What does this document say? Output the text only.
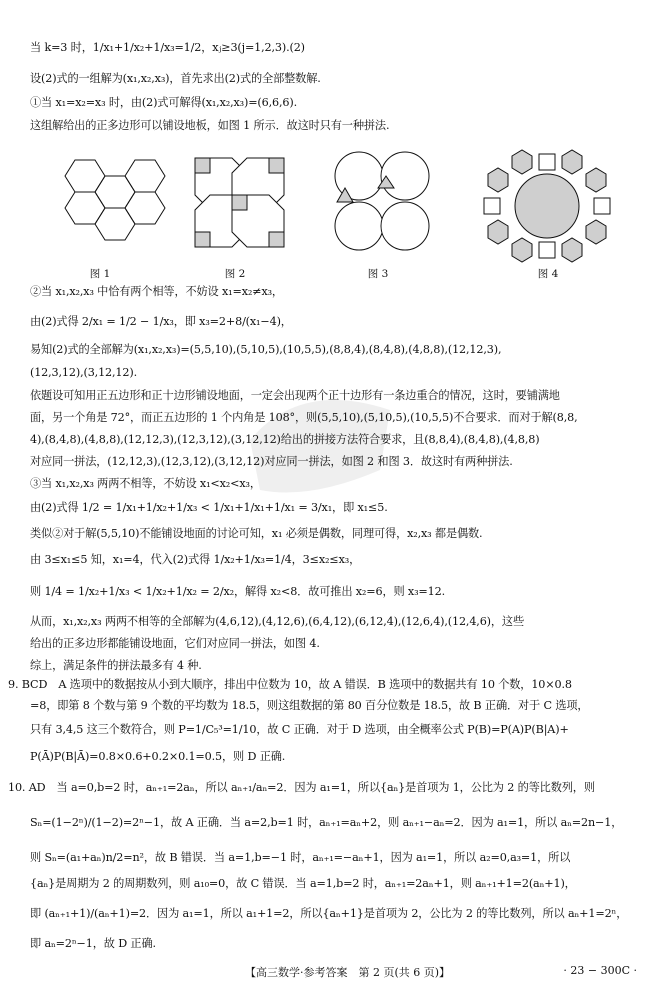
当 k=3 时，1/x₁+1/x₂+1/x₃=1/2，xⱼ≥3(j=1,2,3).(2)
设(2)式的一组解为(x₁,x₂,x₃)，首先求出(2)式的全部整数解.
①当 x₁=x₂=x₃ 时，由(2)式可解得(x₁,x₂,x₃)=(6,6,6).
这组解给出的正多边形可以铺设地板，如图 1 所示．故这时只有一种拼法.
图 1	图 2	图 3	图 4
②当 x₁,x₂,x₃ 中恰有两个相等，不妨设 x₁=x₂≠x₃，
由(2)式得 2/x₁ = 1/2 − 1/x₃，即 x₃=2+8/(x₁−4)，
易知(2)式的全部解为(x₁,x₂,x₃)=(5,5,10),(5,10,5),(10,5,5),(8,8,4),(8,4,8),(4,8,8),(12,12,3),
(12,3,12),(3,12,12).
依题设可知用正五边形和正十边形铺设地面，一定会出现两个正十边形有一条边重合的情况，这时，要铺满地
面，另一个角是 72°，而正五边形的 1 个内角是 108°，则(5,5,10),(5,10,5),(10,5,5)不合要求．而对于解(8,8,
4),(8,4,8),(4,8,8),(12,12,3),(12,3,12),(3,12,12)给出的拼接方法符合要求，且(8,8,4),(8,4,8),(4,8,8)
对应同一拼法，(12,12,3),(12,3,12),(3,12,12)对应同一拼法，如图 2 和图 3．故这时有两种拼法.
③当 x₁,x₂,x₃ 两两不相等，不妨设 x₁<x₂<x₃，
由(2)式得 1/2 = 1/x₁+1/x₂+1/x₃ < 1/x₁+1/x₁+1/x₁ = 3/x₁，即 x₁≤5.
类似②对于解(5,5,10)不能铺设地面的讨论可知，x₁ 必须是偶数，同理可得，x₂,x₃ 都是偶数.
由 3≤x₁≤5 知，x₁=4，代入(2)式得 1/x₂+1/x₃=1/4，3≤x₂≤x₃，
则 1/4 = 1/x₂+1/x₃ < 1/x₂+1/x₂ = 2/x₂，解得 x₂<8．故可推出 x₂=6，则 x₃=12.
从而，x₁,x₂,x₃ 两两不相等的全部解为(4,6,12),(4,12,6),(6,4,12),(6,12,4),(12,6,4),(12,4,6)，这些
给出的正多边形都能铺设地面，它们对应同一拼法，如图 4.
综上，满足条件的拼法最多有 4 种.
9. BCD　A 选项中的数据按从小到大顺序，排出中位数为 10，故 A 错误．B 选项中的数据共有 10 个数，10×0.8
=8，即第 8 个数与第 9 个数的平均数为 18.5，则这组数据的第 80 百分位数是 18.5，故 B 正确．对于 C 选项，
只有 3,4,5 这三个数符合，则 P=1/C₅³=1/10，故 C 正确．对于 D 选项，由全概率公式 P(B)=P(A)P(B|A)+
P(Ā)P(B|Ā)=0.8×0.6+0.2×0.1=0.5，则 D 正确.
10. AD　当 a=0,b=2 时，aₙ₊₁=2aₙ，所以 aₙ₊₁/aₙ=2．因为 a₁=1，所以{aₙ}是首项为 1，公比为 2 的等比数列，则
Sₙ=(1−2ⁿ)/(1−2)=2ⁿ−1，故 A 正确．当 a=2,b=1 时，aₙ₊₁=aₙ+2，则 aₙ₊₁−aₙ=2．因为 a₁=1，所以 aₙ=2n−1，
则 Sₙ=(a₁+aₙ)n/2=n²，故 B 错误．当 a=1,b=−1 时，aₙ₊₁=−aₙ+1，因为 a₁=1，所以 a₂=0,a₃=1，所以
{aₙ}是周期为 2 的周期数列，则 a₁₀=0，故 C 错误．当 a=1,b=2 时，aₙ₊₁=2aₙ+1，则 aₙ₊₁+1=2(aₙ+1)，
即 (aₙ₊₁+1)/(aₙ+1)=2．因为 a₁=1，所以 a₁+1=2，所以{aₙ+1}是首项为 2，公比为 2 的等比数列，所以 aₙ+1=2ⁿ，
即 aₙ=2ⁿ−1，故 D 正确.
【高三数学·参考答案　第 2 页(共 6 页)】	· 23 − 300C ·
